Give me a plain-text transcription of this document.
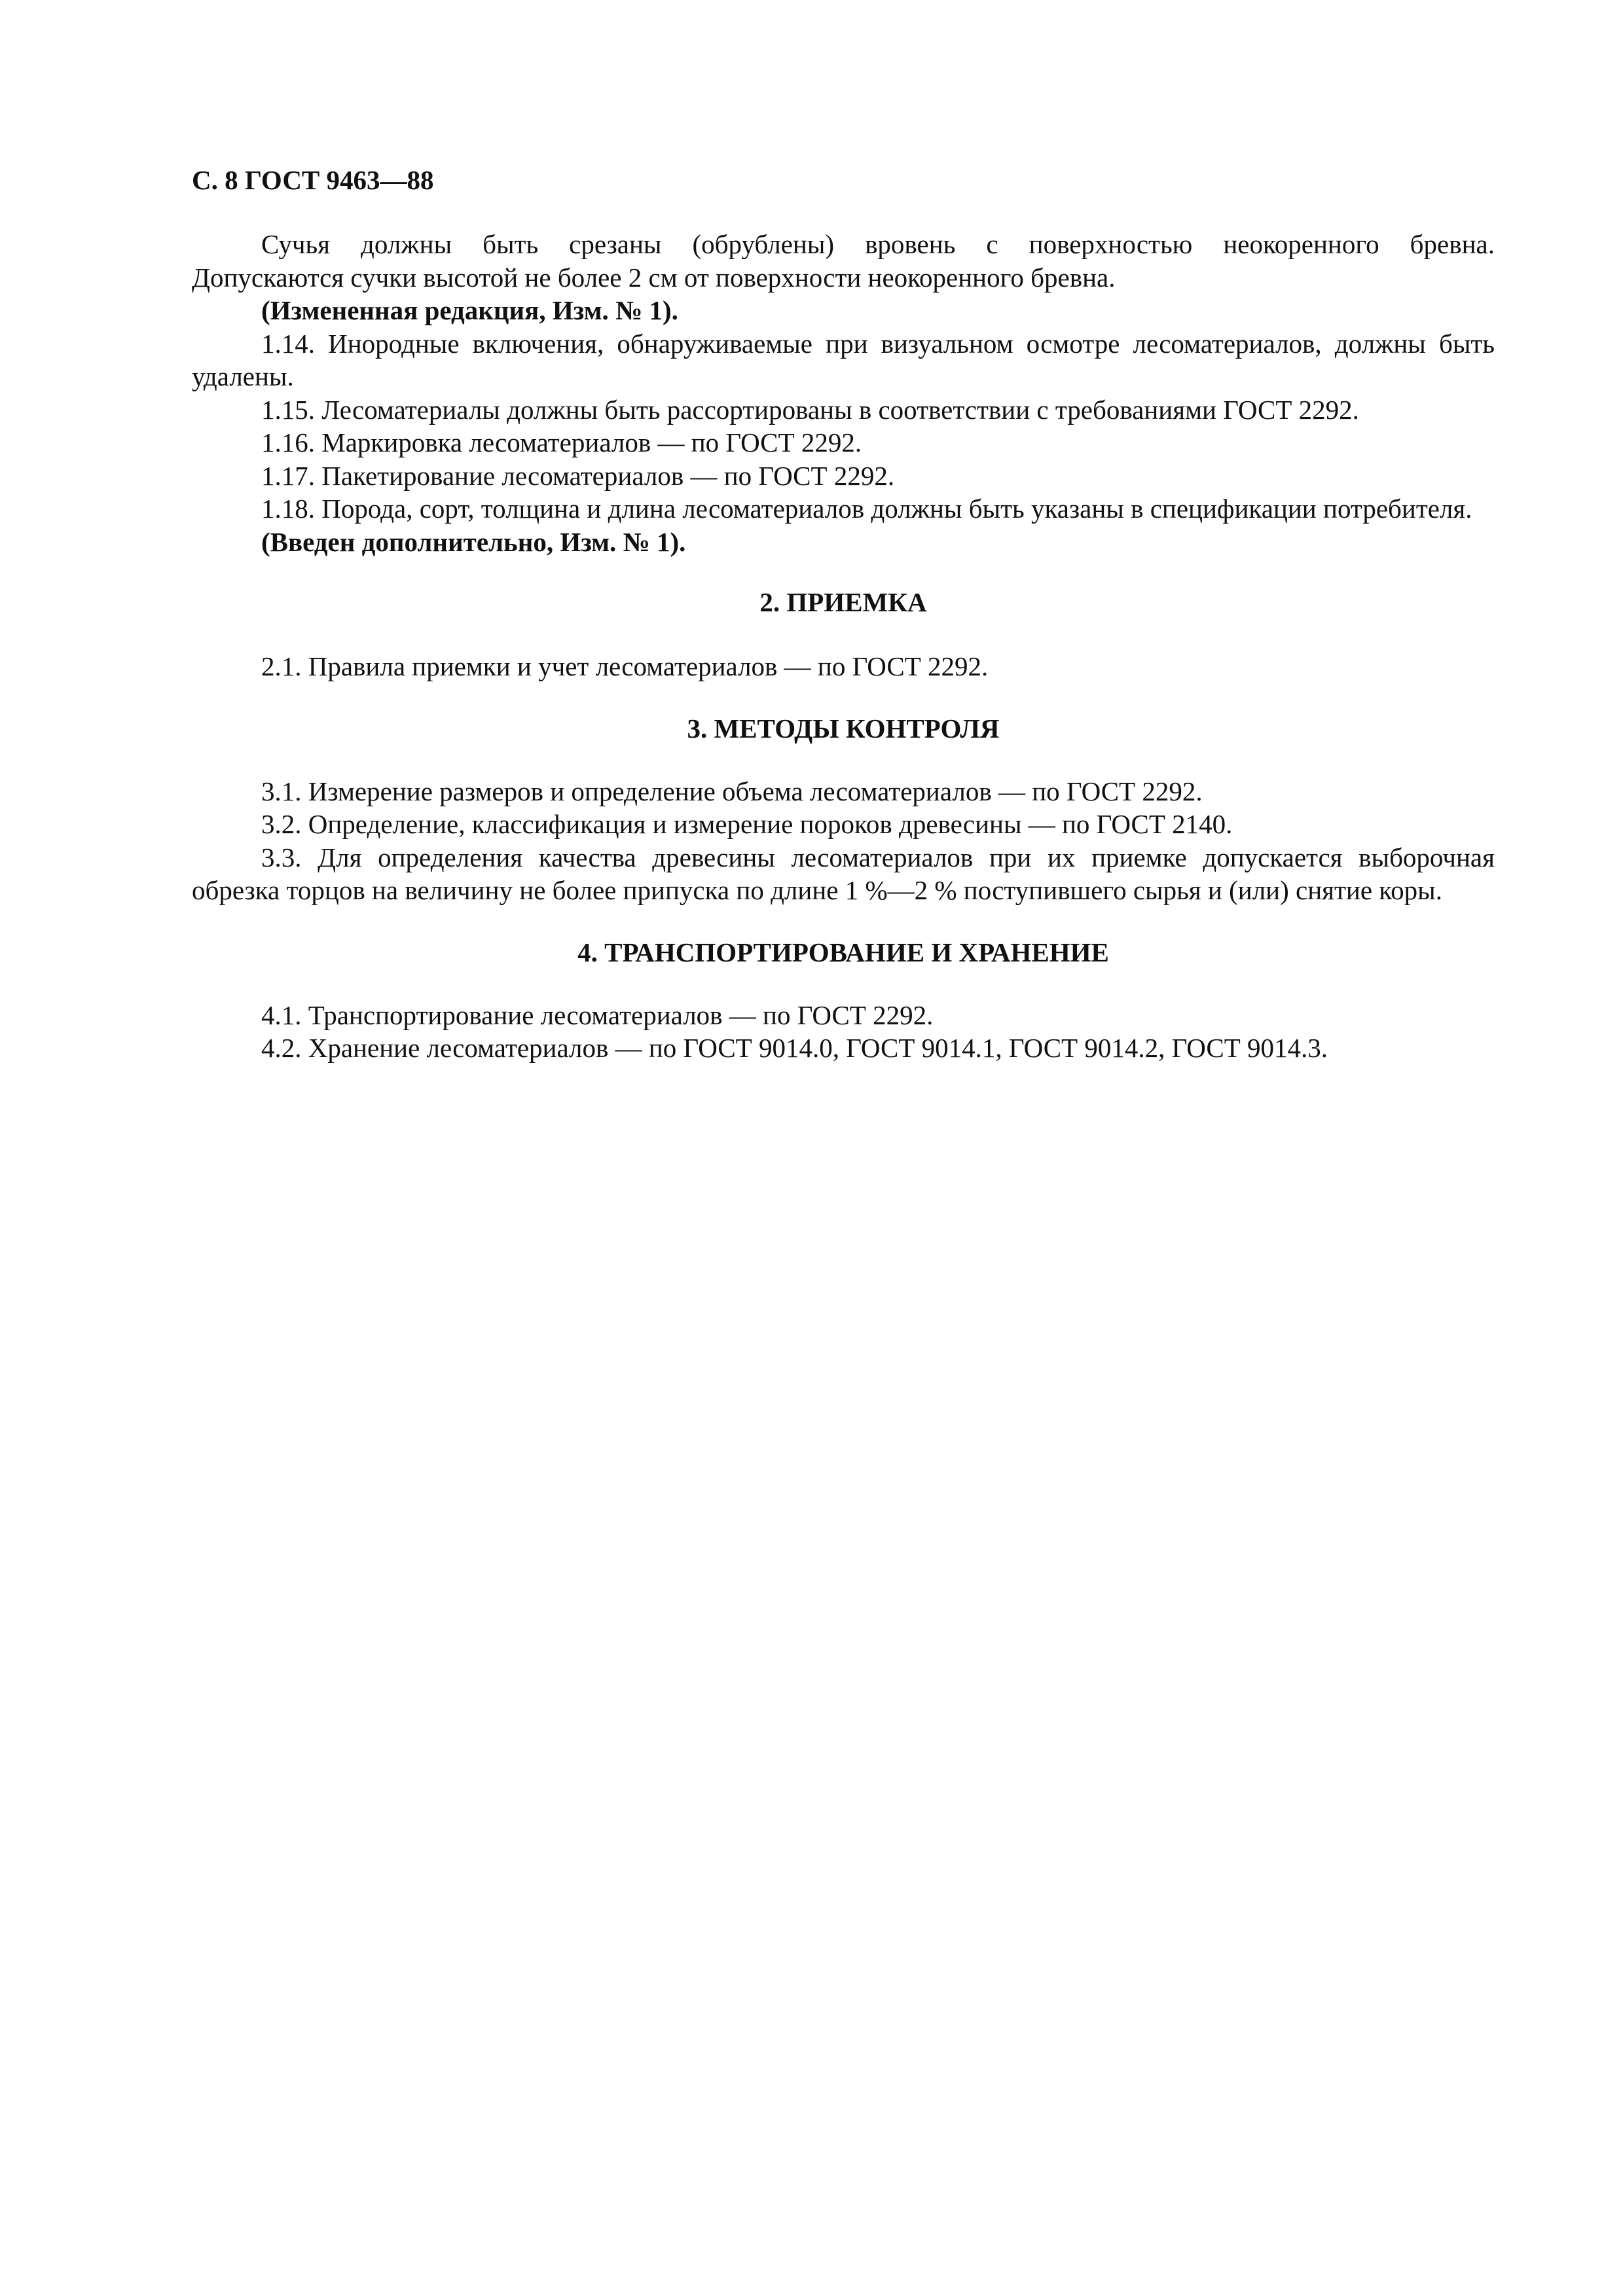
С. 8 ГОСТ 9463—88

Сучья должны быть срезаны (обрублены) вровень с поверхностью неокоренного бревна.

Допускаются сучки высотой не более 2 см от поверхности неокоренного бревна.

(Измененная редакция, Изм. № 1).

1.14. Инородные включения, обнаруживаемые при визуальном осмотре лесоматериалов, должны быть удалены.

1.15. Лесоматериалы должны быть рассортированы в соответствии с требованиями ГОСТ 2292.

1.16. Маркировка лесоматериалов — по ГОСТ 2292.

1.17. Пакетирование лесоматериалов — по ГОСТ 2292.

1.18. Порода, сорт, толщина и длина лесоматериалов должны быть указаны в спецификации потребителя.

(Введен дополнительно, Изм. № 1).

2. ПРИЕМКА

2.1. Правила приемки и учет лесоматериалов — по ГОСТ 2292.

3. МЕТОДЫ КОНТРОЛЯ

3.1. Измерение размеров и определение объема лесоматериалов — по ГОСТ 2292.

3.2. Определение, классификация и измерение пороков древесины — по ГОСТ 2140.

3.3. Для определения качества древесины лесоматериалов при их приемке допускается выборочная обрезка торцов на величину не более припуска по длине 1 %—2 % поступившего сырья и (или) снятие коры.

4. ТРАНСПОРТИРОВАНИЕ И ХРАНЕНИЕ

4.1. Транспортирование лесоматериалов — по ГОСТ 2292.

4.2. Хранение лесоматериалов — по ГОСТ 9014.0, ГОСТ 9014.1, ГОСТ 9014.2, ГОСТ 9014.3.
